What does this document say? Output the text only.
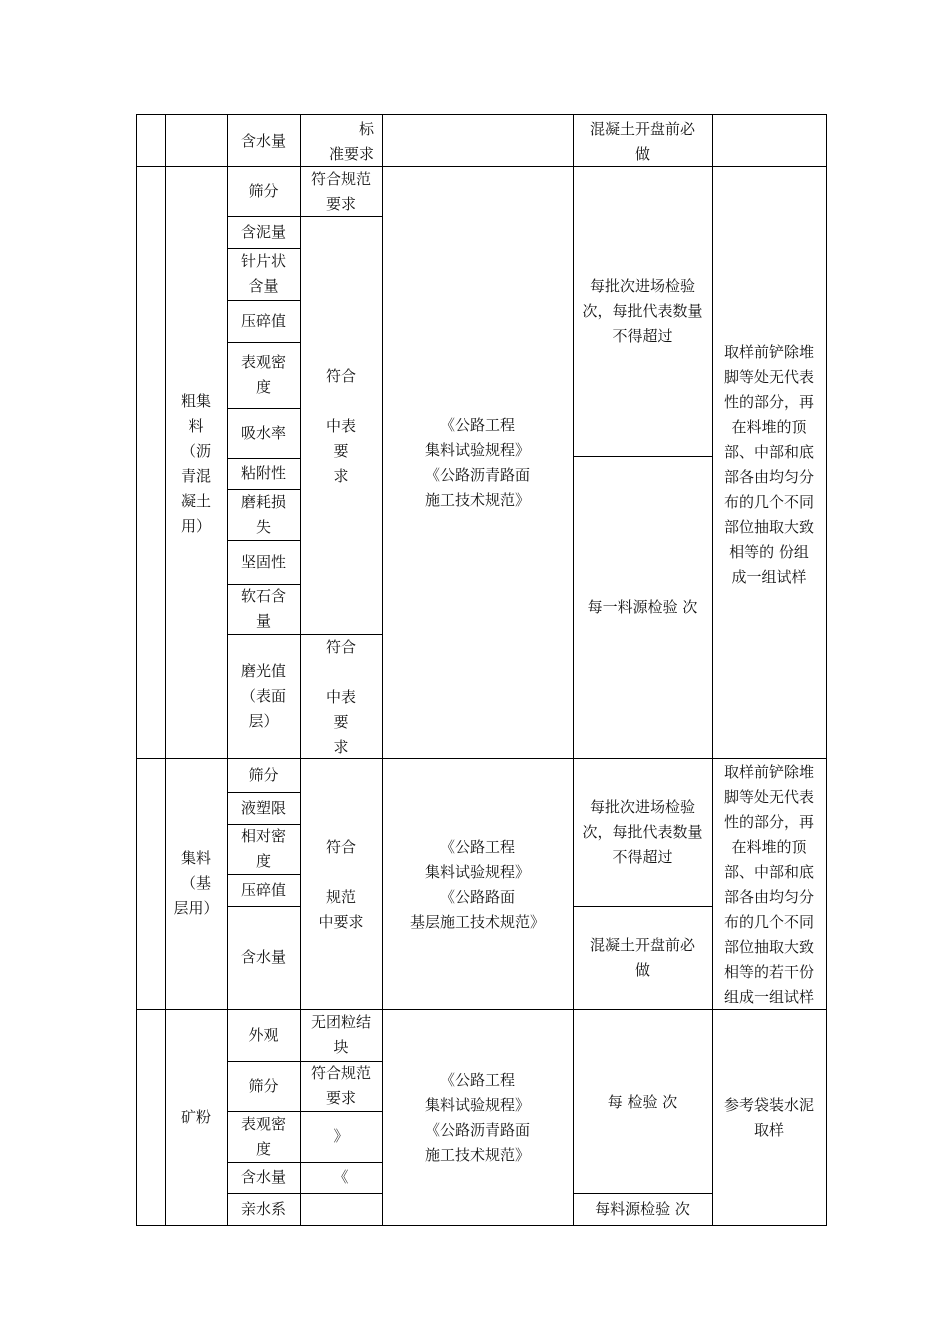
含水量
标
准要求
混凝土开盘前必
做
粗集
料
（沥
青混
凝土
用）
筛分
含泥量
针片状
含量
压碎值
表观密
度
吸水率
粘附性
磨耗损
失
坚固性
软石含
量
磨光值
（表面
层）
符合规范
要求
符合

中表
要
求
符合

中表
要
求
《公路工程
集料试验规程》
《公路沥青路面
施工技术规范》
每批次进场检验
次，每批代表数量
不得超过
每一料源检验 次
取样前铲除堆
脚等处无代表
性的部分，再
在料堆的顶
部、中部和底
部各由均匀分
布的几个不同
部位抽取大致
相等的 份组
成一组试样
集料
（基
层用）
筛分
液塑限
相对密
度
压碎值
含水量
符合

规范
中要求
《公路工程
集料试验规程》
《公路路面
基层施工技术规范》
每批次进场检验
次，每批代表数量
不得超过
混凝土开盘前必
做
取样前铲除堆
脚等处无代表
性的部分，再
在料堆的顶
部、中部和底
部各由均匀分
布的几个不同
部位抽取大致
相等的若干份
组成一组试样
矿粉
外观
无团粒结
块
筛分
符合规范
要求
表观密
度
》
含水量	《
亲水系
《公路工程
集料试验规程》
《公路沥青路面
施工技术规范》
每 检验 次
每料源检验 次
参考袋装水泥
取样
